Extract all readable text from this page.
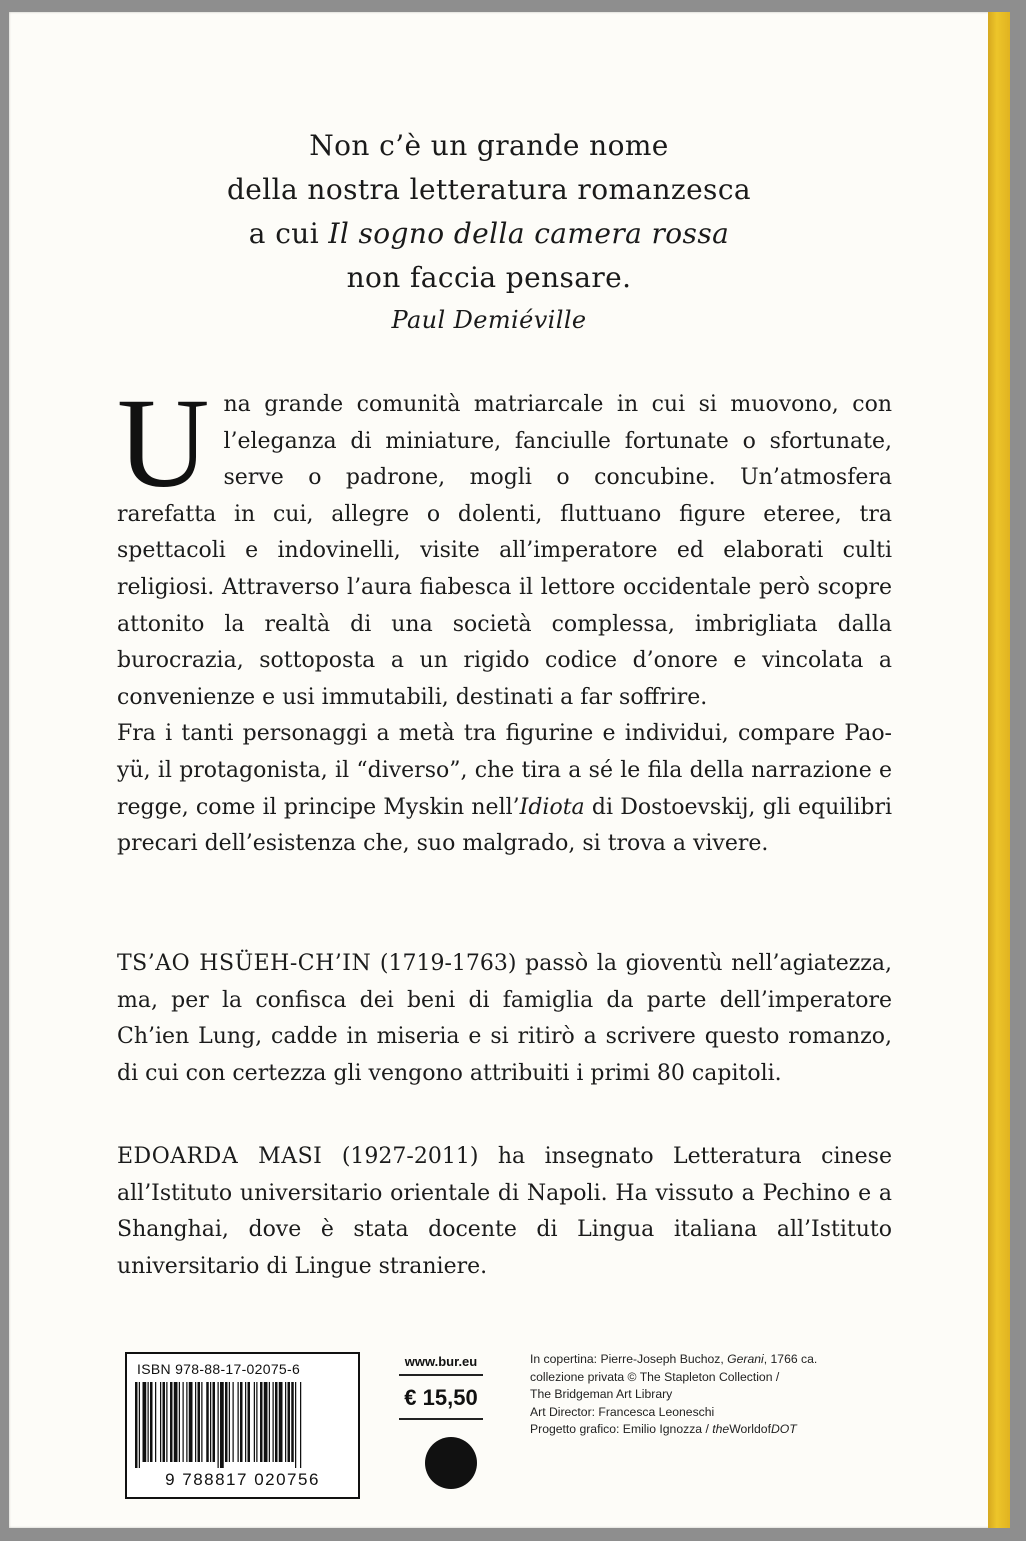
Non c’è un grande nome
della nostra letteratura romanzesca
a cui Il sogno della camera rossa
non faccia pensare.
Paul Demiéville
U na grande comunità matriarcale in cui si muovono, con l’eleganza di miniature, fanciulle fortunate o sfortunate, serve o padrone, mogli o concubine. Un’atmosfera rarefatta in cui, allegre o dolenti, fluttuano figure eteree, tra spettacoli e indovinelli, visite all’imperatore ed elaborati culti religiosi. Attraverso l’aura fiabesca il lettore occidentale però scopre attonito la realtà di una società complessa, imbrigliata dalla burocrazia, sottoposta a un rigido codice d’onore e vincolata a convenienze e usi immutabili, destinati a far soffrire.
Fra i tanti personaggi a metà tra figurine e individui, compare Pao-yü, il protagonista, il “diverso”, che tira a sé le fila della narrazione e regge, come il principe Myskin nell’Idiota di Dostoevskij, gli equilibri precari dell’esistenza che, suo malgrado, si trova a vivere.
TS’AO HSÜEH-CH’IN (1719-1763) passò la gioventù nell’agiatezza, ma, per la confisca dei beni di famiglia da parte dell’imperatore Ch’ien Lung, cadde in miseria e si ritirò a scrivere questo romanzo, di cui con certezza gli vengono attribuiti i primi 80 capitoli.
EDOARDA MASI (1927-2011) ha insegnato Letteratura cinese all’Istituto universitario orientale di Napoli. Ha vissuto a Pechino e a Shanghai, dove è stata docente di Lingua italiana all’Istituto universitario di Lingue straniere.
ISBN 978-88-17-02075-6
9 788817 020756
www.bur.eu
€ 15,50
In copertina: Pierre-Joseph Buchoz, Gerani, 1766 ca.
collezione privata © The Stapleton Collection /
The Bridgeman Art Library
Art Director: Francesca Leoneschi
Progetto grafico: Emilio Ignozza / theWorldofDOT
